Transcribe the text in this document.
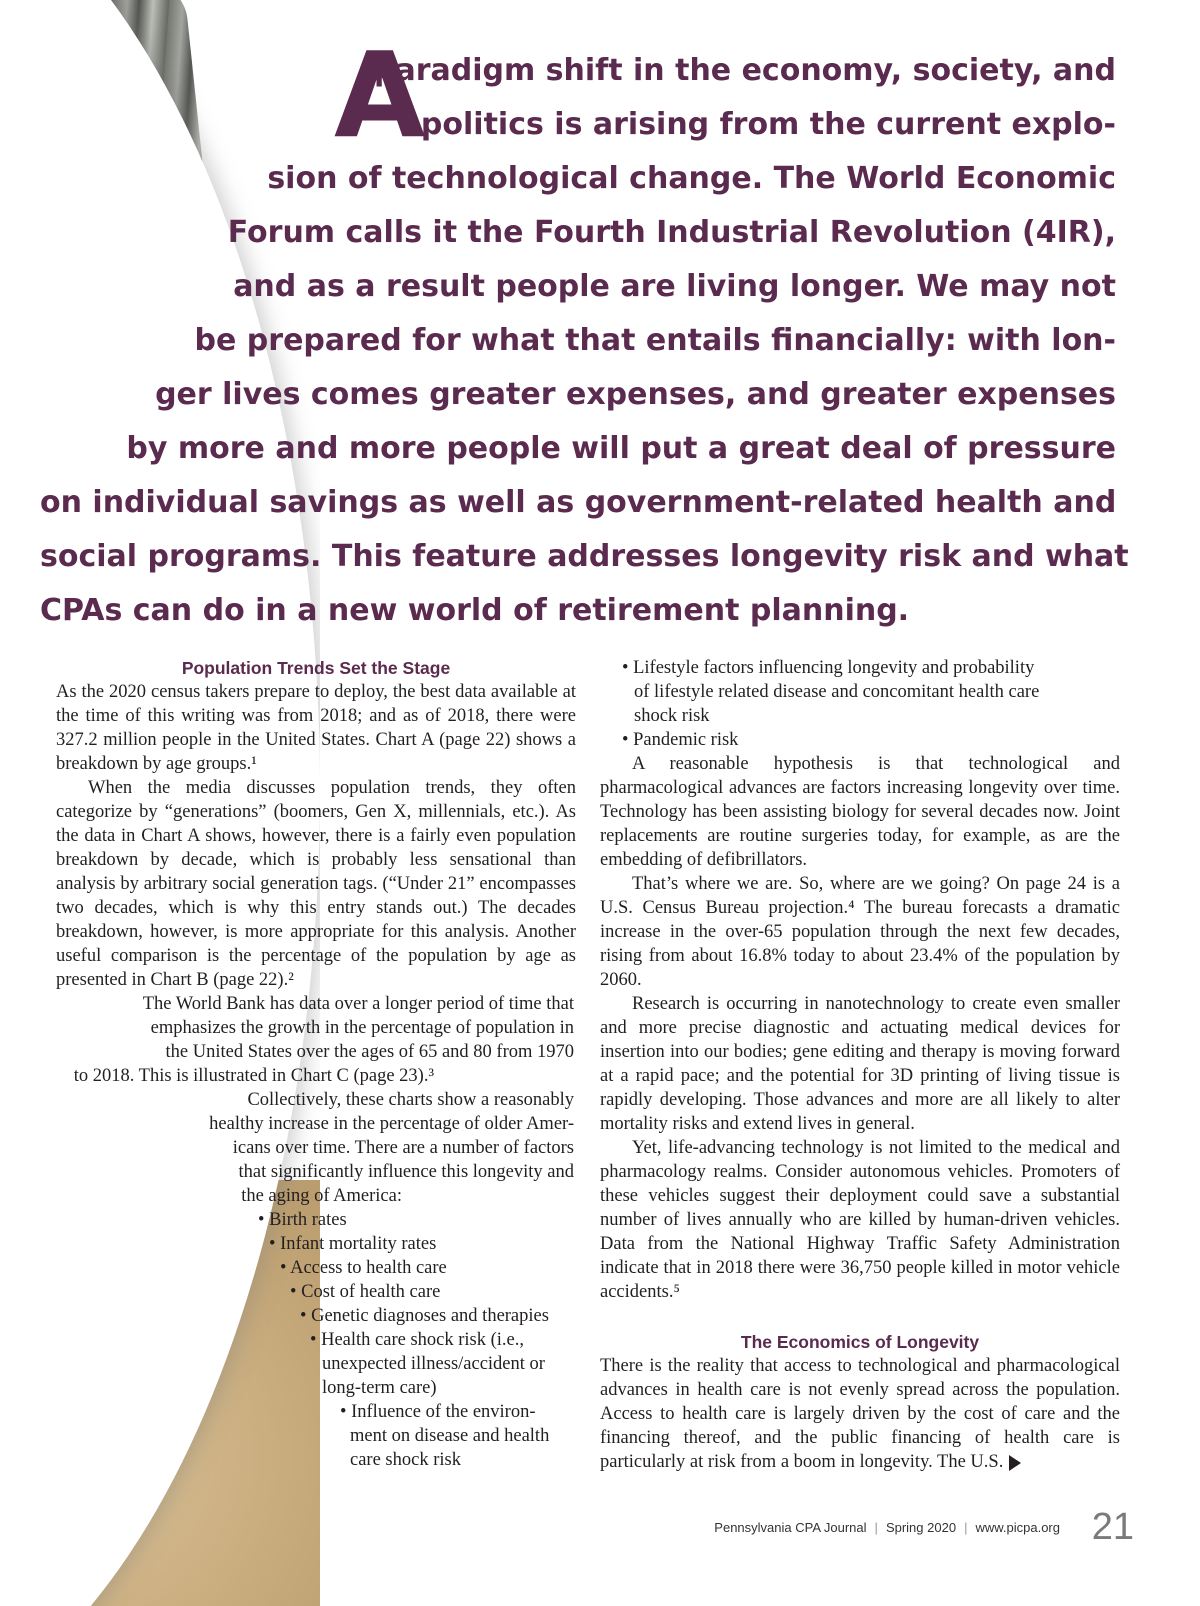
A
paradigm shift in the economy, society, and
politics is arising from the current explo-
sion of technological change. The World Economic
Forum calls it the Fourth Industrial Revolution (4IR),
and as a result people are living longer. We may not
be prepared for what that entails financially: with lon-
ger lives comes greater expenses, and greater expenses
by more and more people will put a great deal of pressure
on individual savings as well as government-related health and
social programs. This feature addresses longevity risk and what
CPAs can do in a new world of retirement planning.
Population Trends Set the Stage
As the 2020 census takers prepare to deploy, the best data available at the time of this writing was from 2018; and as of 2018, there were 327.2 million people in the United States. Chart A (page 22) shows a breakdown by age groups.¹
When the media discusses population trends, they often categorize by “generations” (boomers, Gen X, millennials, etc.). As the data in Chart A shows, however, there is a fairly even population breakdown by decade, which is probably less sensational than analysis by arbitrary social generation tags. (“Under 21” encompasses two decades, which is why this entry stands out.) The decades breakdown, however, is more appropriate for this analysis. Another useful comparison is the percentage of the population by age as presented in Chart B (page 22).²
The World Bank has data over a longer period of time that
emphasizes the growth in the percentage of population in
the United States over the ages of 65 and 80 from 1970
to 2018. This is illustrated in Chart C (page 23).³
Collectively, these charts show a reasonably
healthy increase in the percentage of older Amer-
icans over time. There are a number of factors
that significantly influence this longevity and
the aging of America:
• Birth rates
• Infant mortality rates
• Access to health care
• Cost of health care
• Genetic diagnoses and therapies
• Health care shock risk (i.e.,
unexpected illness/accident or
long-term care)
• Influence of the environ-
ment on disease and health
care shock risk
• Lifestyle factors influencing longevity and probability
of lifestyle related disease and concomitant health care
shock risk
• Pandemic risk
A reasonable hypothesis is that technological and pharmacological advances are factors increasing longevity over time. Technology has been assisting biology for several decades now. Joint replacements are routine surgeries today, for example, as are the embedding of defibrillators.
That’s where we are. So, where are we going? On page 24 is a U.S. Census Bureau projection.⁴ The bureau forecasts a dramatic increase in the over-65 population through the next few decades, rising from about 16.8% today to about 23.4% of the population by 2060.
Research is occurring in nanotechnology to create even smaller and more precise diagnostic and actuating medical devices for insertion into our bodies; gene editing and therapy is moving forward at a rapid pace; and the potential for 3D printing of living tissue is rapidly developing. Those advances and more are all likely to alter mortality risks and extend lives in general.
Yet, life-advancing technology is not limited to the medical and pharmacology realms. Consider autonomous vehicles. Promoters of these vehicles suggest their deployment could save a substantial number of lives annually who are killed by human-driven vehicles. Data from the National Highway Traffic Safety Administration indicate that in 2018 there were 36,750 people killed in motor vehicle accidents.⁵
The Economics of Longevity
There is the reality that access to technological and pharmacological advances in health care is not evenly spread across the population. Access to health care is largely driven by the cost of care and the financing thereof, and the public financing of health care is particularly at risk from a boom in longevity. The U.S.
Pennsylvania CPA Journal | Spring 2020 | www.picpa.org 21
